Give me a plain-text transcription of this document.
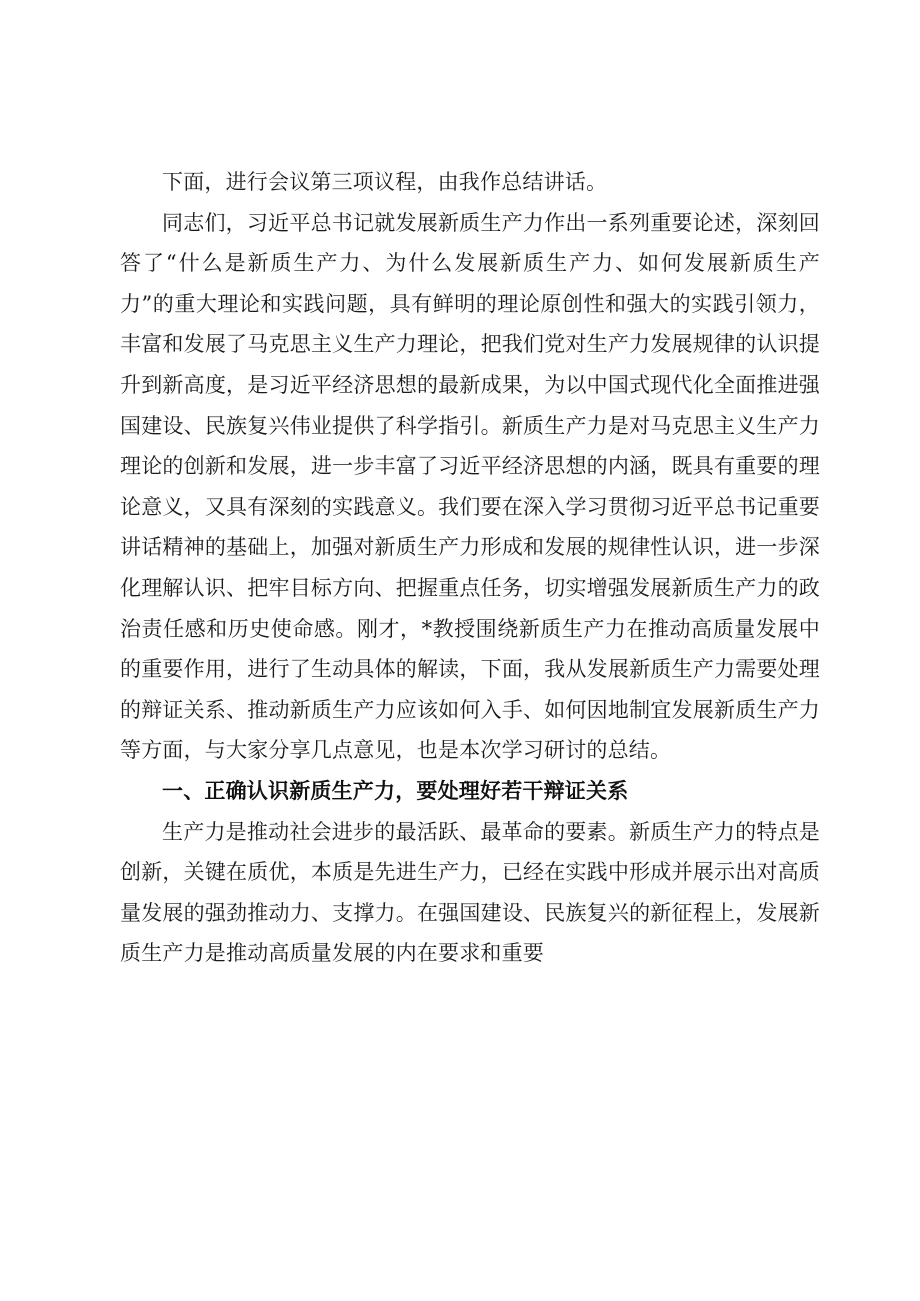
下面，进行会议第三项议程，由我作总结讲话。

同志们，习近平总书记就发展新质生产力作出一系列重要论述，深刻回答了“什么是新质生产力、为什么发展新质生产力、如何发展新质生产力”的重大理论和实践问题，具有鲜明的理论原创性和强大的实践引领力，丰富和发展了马克思主义生产力理论，把我们党对生产力发展规律的认识提升到新高度，是习近平经济思想的最新成果，为以中国式现代化全面推进强国建设、民族复兴伟业提供了科学指引。新质生产力是对马克思主义生产力理论的创新和发展，进一步丰富了习近平经济思想的内涵，既具有重要的理论意义，又具有深刻的实践意义。我们要在深入学习贯彻习近平总书记重要讲话精神的基础上，加强对新质生产力形成和发展的规律性认识，进一步深化理解认识、把牢目标方向、把握重点任务，切实增强发展新质生产力的政治责任感和历史使命感。刚才，*教授围绕新质生产力在推动高质量发展中的重要作用，进行了生动具体的解读，下面，我从发展新质生产力需要处理的辩证关系、推动新质生产力应该如何入手、如何因地制宜发展新质生产力等方面，与大家分享几点意见，也是本次学习研讨的总结。

一、正确认识新质生产力，要处理好若干辩证关系

生产力是推动社会进步的最活跃、最革命的要素。新质生产力的特点是创新，关键在质优，本质是先进生产力，已经在实践中形成并展示出对高质量发展的强劲推动力、支撑力。在强国建设、民族复兴的新征程上，发展新质生产力是推动高质量发展的内在要求和重要
